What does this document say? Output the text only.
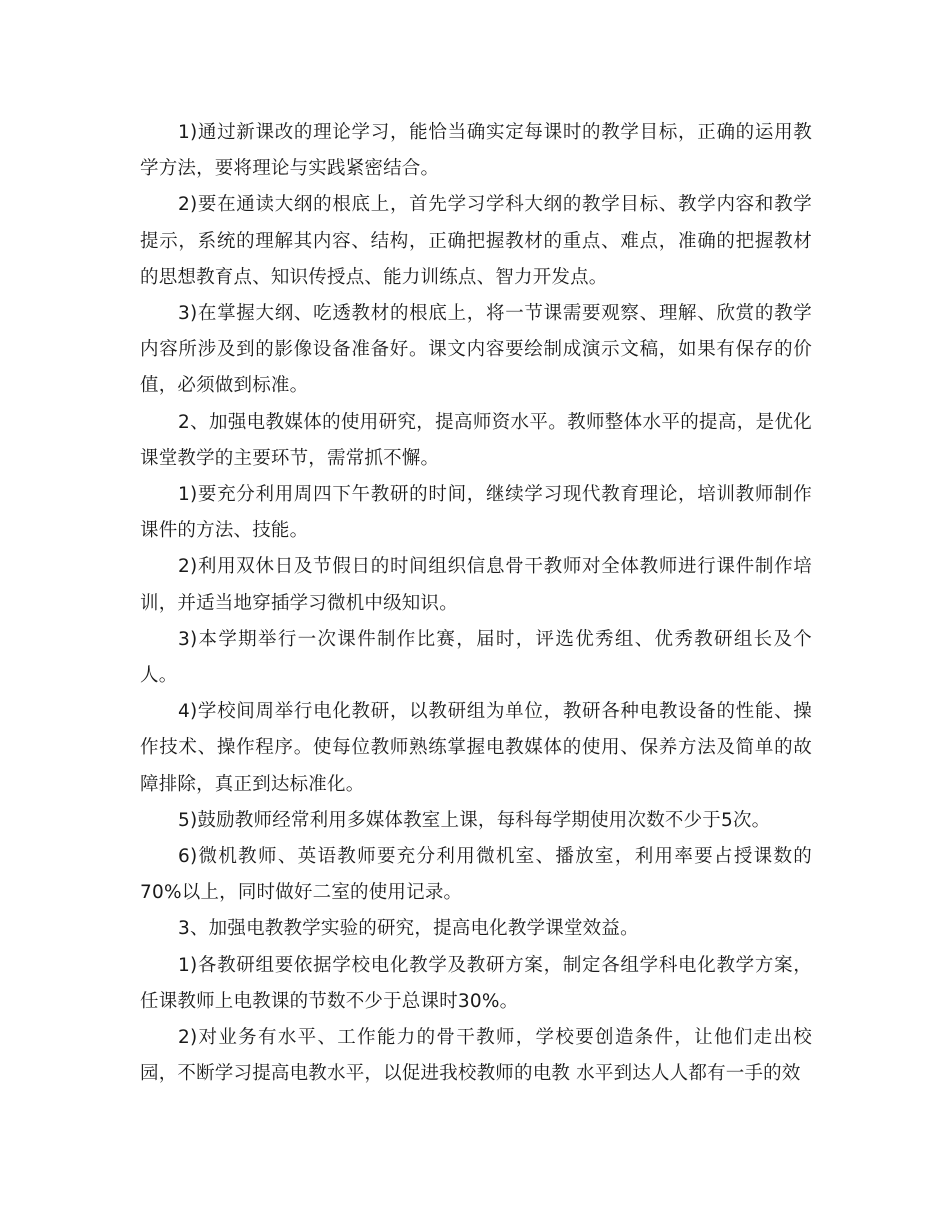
1)通过新课改的理论学习，能恰当确实定每课时的教学目标，正确的运用教学方法，要将理论与实践紧密结合。

2)要在通读大纲的根底上，首先学习学科大纲的教学目标、教学内容和教学提示，系统的理解其内容、结构，正确把握教材的重点、难点，准确的把握教材的思想教育点、知识传授点、能力训练点、智力开发点。

3)在掌握大纲、吃透教材的根底上，将一节课需要观察、理解、欣赏的教学内容所涉及到的影像设备准备好。课文内容要绘制成演示文稿，如果有保存的价值，必须做到标准。

2、加强电教媒体的使用研究，提高师资水平。教师整体水平的提高，是优化课堂教学的主要环节，需常抓不懈。

1)要充分利用周四下午教研的时间，继续学习现代教育理论，培训教师制作课件的方法、技能。

2)利用双休日及节假日的时间组织信息骨干教师对全体教师进行课件制作培训，并适当地穿插学习微机中级知识。

3)本学期举行一次课件制作比赛，届时，评选优秀组、优秀教研组长及个人。

4)学校间周举行电化教研，以教研组为单位，教研各种电教设备的性能、操作技术、操作程序。使每位教师熟练掌握电教媒体的使用、保养方法及简单的故障排除，真正到达标准化。

5)鼓励教师经常利用多媒体教室上课，每科每学期使用次数不少于5次。

6)微机教师、英语教师要充分利用微机室、播放室，利用率要占授课数的70%以上，同时做好二室的使用记录。

3、加强电教教学实验的研究，提高电化教学课堂效益。

1)各教研组要依据学校电化教学及教研方案，制定各组学科电化教学方案，任课教师上电教课的节数不少于总课时30%。

2)对业务有水平、工作能力的骨干教师，学校要创造条件，让他们走出校园，不断学习提高电教水平，以促进我校教师的电教 水平到达人人都有一手的效
